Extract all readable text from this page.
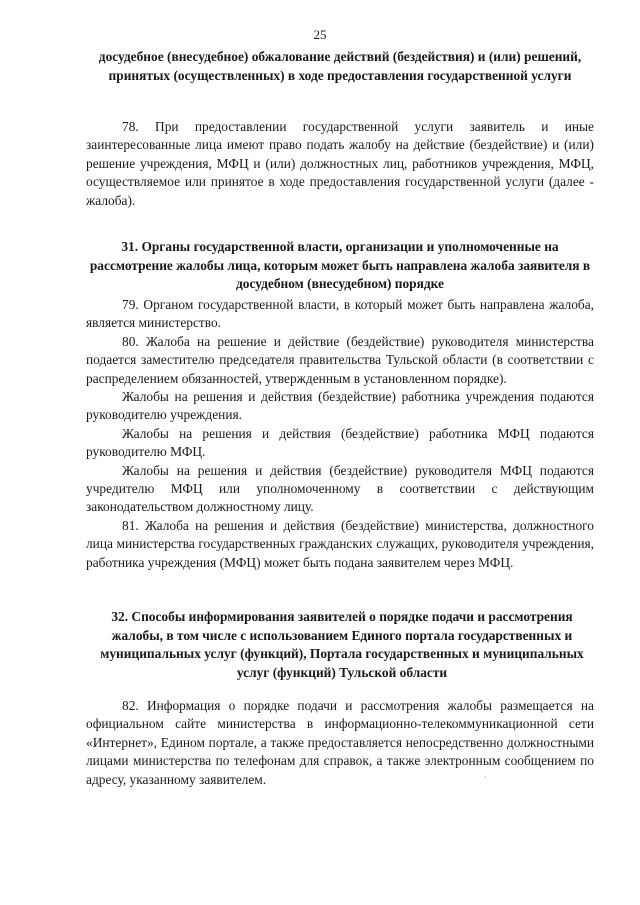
25
досудебное (внесудебное) обжалование действий (бездействия) и (или) решений, принятых (осуществленных) в ходе предоставления государственной услуги

78. При предоставлении государственной услуги заявитель и иные заинтересованные лица имеют право подать жалобу на действие (бездействие) и (или) решение учреждения, МФЦ и (или) должностных лиц, работников учреждения, МФЦ, осуществляемое или принятое в ходе предоставления государственной услуги (далее - жалоба).

31. Органы государственной власти, организации и уполномоченные на рассмотрение жалобы лица, которым может быть направлена жалоба заявителя в досудебном (внесудебном) порядке

79. Органом государственной власти, в который может быть направлена жалоба, является министерство.

80. Жалоба на решение и действие (бездействие) руководителя министерства подается заместителю председателя правительства Тульской области (в соответствии с распределением обязанностей, утвержденным в установленном порядке).

Жалобы на решения и действия (бездействие) работника учреждения подаются руководителю учреждения.

Жалобы на решения и действия (бездействие) работника МФЦ подаются руководителю МФЦ.

Жалобы на решения и действия (бездействие) руководителя МФЦ подаются учредителю МФЦ или уполномоченному в соответствии с действующим законодательством должностному лицу.

81. Жалоба на решения и действия (бездействие) министерства, должностного лица министерства государственных гражданских служащих, руководителя учреждения, работника учреждения (МФЦ) может быть подана заявителем через МФЦ.

32. Способы информирования заявителей о порядке подачи и рассмотрения жалобы, в том числе с использованием Единого портала государственных и муниципальных услуг (функций), Портала государственных и муниципальных услуг (функций) Тульской области

82. Информация о порядке подачи и рассмотрения жалобы размещается на официальном сайте министерства в информационно-телекоммуникационной сети «Интернет», Едином портале, а также предоставляется непосредственно должностными лицами министерства по телефонам для справок, а также электронным сообщением по адресу, указанному заявителем.	·
